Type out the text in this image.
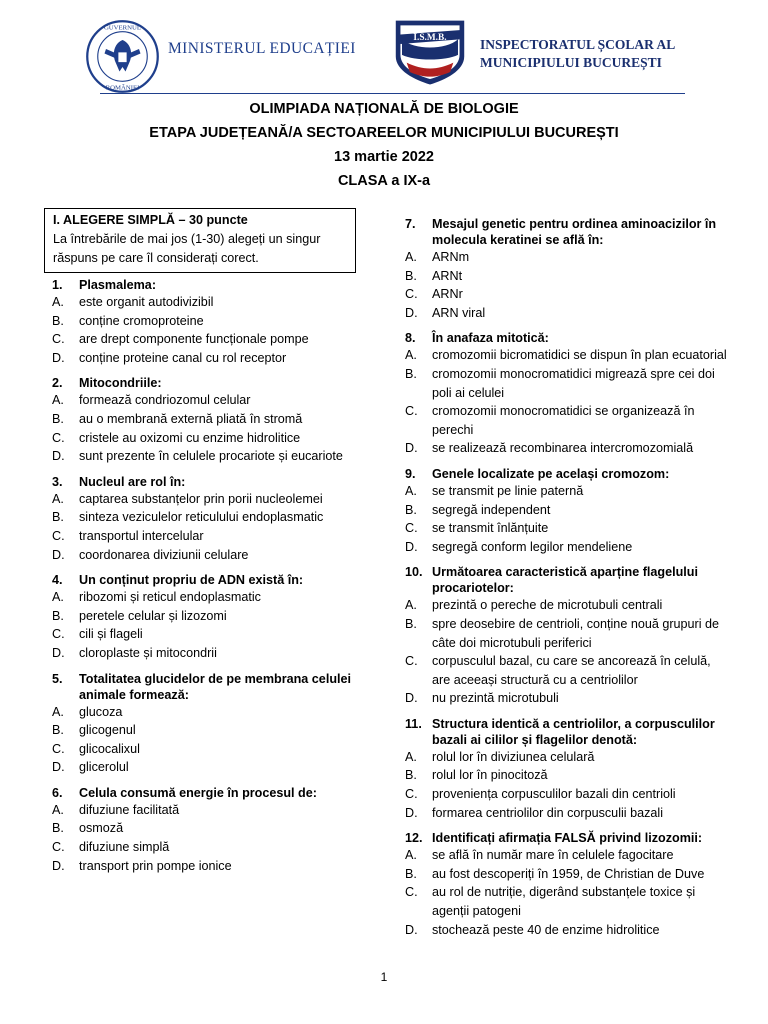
GUVERNUL
ROMÂNIEI
MINISTERUL EDUCAȚIEI
I.S.M.B. INSPECTORATUL ȘCOLAR AL
MUNICIPIULUI BUCUREȘTI
OLIMPIADA NAȚIONALĂ DE BIOLOGIE
ETAPA JUDEȚEANĂ/A SECTOAREELOR MUNICIPIULUI BUCUREȘTI
13 martie 2022
CLASA a IX-a
I. ALEGERE SIMPLĂ – 30 puncte
La întrebările de mai jos (1-30) alegeți un singur răspuns pe care îl considerați corect.
1.	Plasmalema:
A.	este organit autodivizibil
B.	conține cromoproteine
C.	are drept componente funcționale pompe
D.	conține proteine canal cu rol receptor
2.	Mitocondriile:
A.	formează condriozomul celular
B.	au o membrană externă pliată în stromă
C.	cristele au oxizomi cu enzime hidrolitice
D.	sunt prezente în celulele procariote și eucariote
3.	Nucleul are rol în:
A.	captarea substanțelor prin porii nucleolemei
B.	sinteza veziculelor reticulului endoplasmatic
C.	transportul intercelular
D.	coordonarea diviziunii celulare
4.	Un conținut propriu de ADN există în:
A.	ribozomi și reticul endoplasmatic
B.	peretele celular și lizozomi
C.	cili și flageli
D.	cloroplaste și mitocondrii
5.	Totalitatea glucidelor de pe membrana celulei animale formează:
A.	glucoza
B.	glicogenul
C.	glicocalixul
D.	glicerolul
6.	Celula consumă energie în procesul de:
A.	difuziune facilitată
B.	osmoză
C.	difuziune simplă
D.	transport prin pompe ionice
7.	Mesajul genetic pentru ordinea aminoacizilor în molecula keratinei se află în:
A.	ARNm
B.	ARNt
C.	ARNr
D.	ARN viral
8.	În anafaza mitotică:
A.	cromozomii bicromatidici se dispun în plan ecuatorial
B.	cromozomii monocromatidici migrează spre cei doi poli ai celulei
C.	cromozomii monocromatidici se organizează în perechi
D.	se realizează recombinarea intercromozomială
9.	Genele localizate pe același cromozom:
A.	se transmit pe linie paternă
B.	segregă independent
C.	se transmit înlănțuite
D.	segregă conform legilor mendeliene
10. Următoarea caracteristică aparține flagelului procariotelor:
A.	prezintă o pereche de microtubuli centrali
B.	spre deosebire de centrioli, conține nouă grupuri de câte doi microtubuli periferici
C.	corpusculul bazal, cu care se ancorează în celulă, are aceeași structură cu a centriolilor
D.	nu prezintă microtubuli
11. Structura identică a centriolilor, a corpusculilor bazali ai cililor și flagelilor denotă:
A.	rolul lor în diviziunea celulară
B.	rolul lor în pinocitoză
C.	proveniența corpusculilor bazali din centrioli
D.	formarea centriolilor din corpusculii bazali
12. Identificați afirmația FALSĂ privind lizozomii:
A.	se află în număr mare în celulele fagocitare
B.	au fost descoperiți în 1959, de Christian de Duve
C.	au rol de nutriție, digerând substanțele toxice și agenții patogeni
D.	stochează peste 40 de enzime hidrolitice
1
